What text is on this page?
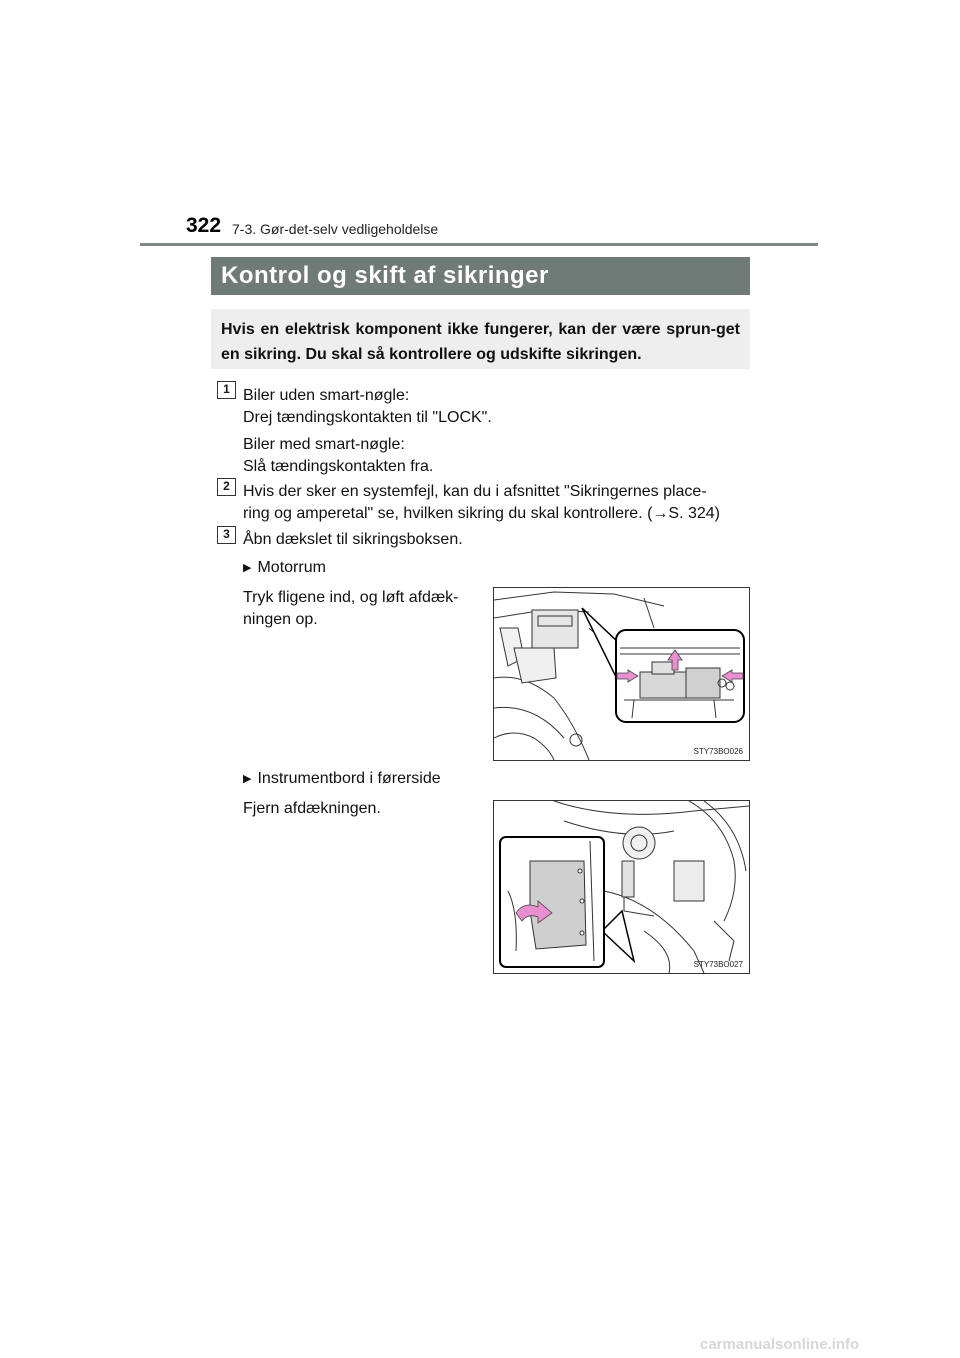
322 7-3. Gør-det-selv vedligeholdelse
Kontrol og skift af sikringer
Hvis en elektrisk komponent ikke fungerer, kan der være sprun-get en sikring. Du skal så kontrollere og udskifte sikringen.
1 Biler uden smart-nøgle:
Drej tændingskontakten til "LOCK".
Biler med smart-nøgle:
Slå tændingskontakten fra.
2 Hvis der sker en systemfejl, kan du i afsnittet "Sikringernes place-
ring og amperetal" se, hvilken sikring du skal kontrollere. (→S. 324)
3 Åbn dækslet til sikringsboksen.
▶ Motorrum
Tryk fligene ind, og løft afdæk-
ningen op.
STY73BO026
▶ Instrumentbord i førerside
Fjern afdækningen.
STY73BO027
carmanualsonline.info
